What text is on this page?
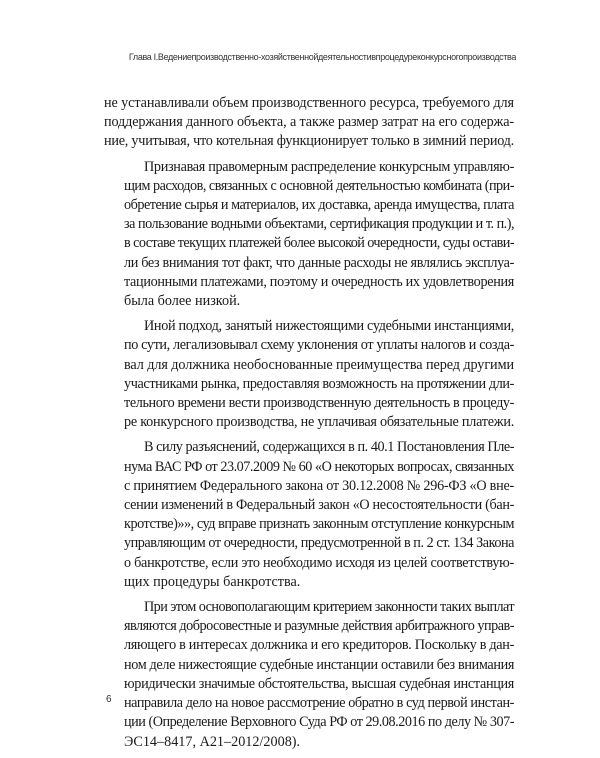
Глава I.Ведениепроизводственно-хозяйственнойдеятельностивпроцедуреконкурсногопроизводства

не устанавливали объем производственного ресурса, требуемого для
поддержания данного объекта, а также размер затрат на его содержа-
ние, учитывая, что котельная функционирует только в зимний период.

Признавая правомерным распределение конкурсным управляю-
щим расходов, связанных с основной деятельностью комбината (при-
обретение сырья и материалов, их доставка, аренда имущества, плата
за пользование водными объектами, сертификация продукции и т. п.),
в составе текущих платежей более высокой очередности, суды остави-
ли без внимания тот факт, что данные расходы не являлись эксплуа-
тационными платежами, поэтому и очередность их удовлетворения
была более низкой.

Иной подход, занятый нижестоящими судебными инстанциями,
по сути, легализовывал схему уклонения от уплаты налогов и созда-
вал для должника необоснованные преимущества перед другими
участниками рынка, предоставляя возможность на протяжении дли-
тельного времени вести производственную деятельность в процеду-
ре конкурсного производства, не уплачивая обязательные платежи.

В силу разъяснений, содержащихся в п. 40.1 Постановления Пле-
нума ВАС РФ от 23.07.2009 № 60 «О некоторых вопросах, связанных
с принятием Федерального закона от 30.12.2008 № 296-ФЗ «О вне-
сении изменений в Федеральный закон «О несостоятельности (бан-
кротстве)»», суд вправе признать законным отступление конкурсным
управляющим от очередности, предусмотренной в п. 2 ст. 134 Закона
о банкротстве, если это необходимо исходя из целей соответствую-
щих процедуры банкротства.

При этом основополагающим критерием законности таких выплат
являются добросовестные и разумные действия арбитражного управ-
ляющего в интересах должника и его кредиторов. Поскольку в дан-
ном деле нижестоящие судебные инстанции оставили без внимания
юридически значимые обстоятельства, высшая судебная инстанция
направила дело на новое рассмотрение обратно в суд первой инстан-
ции (Определение Верховного Суда РФ от 29.08.2016 по делу № 307-
ЭС14–8417, А21–2012/2008).

6
